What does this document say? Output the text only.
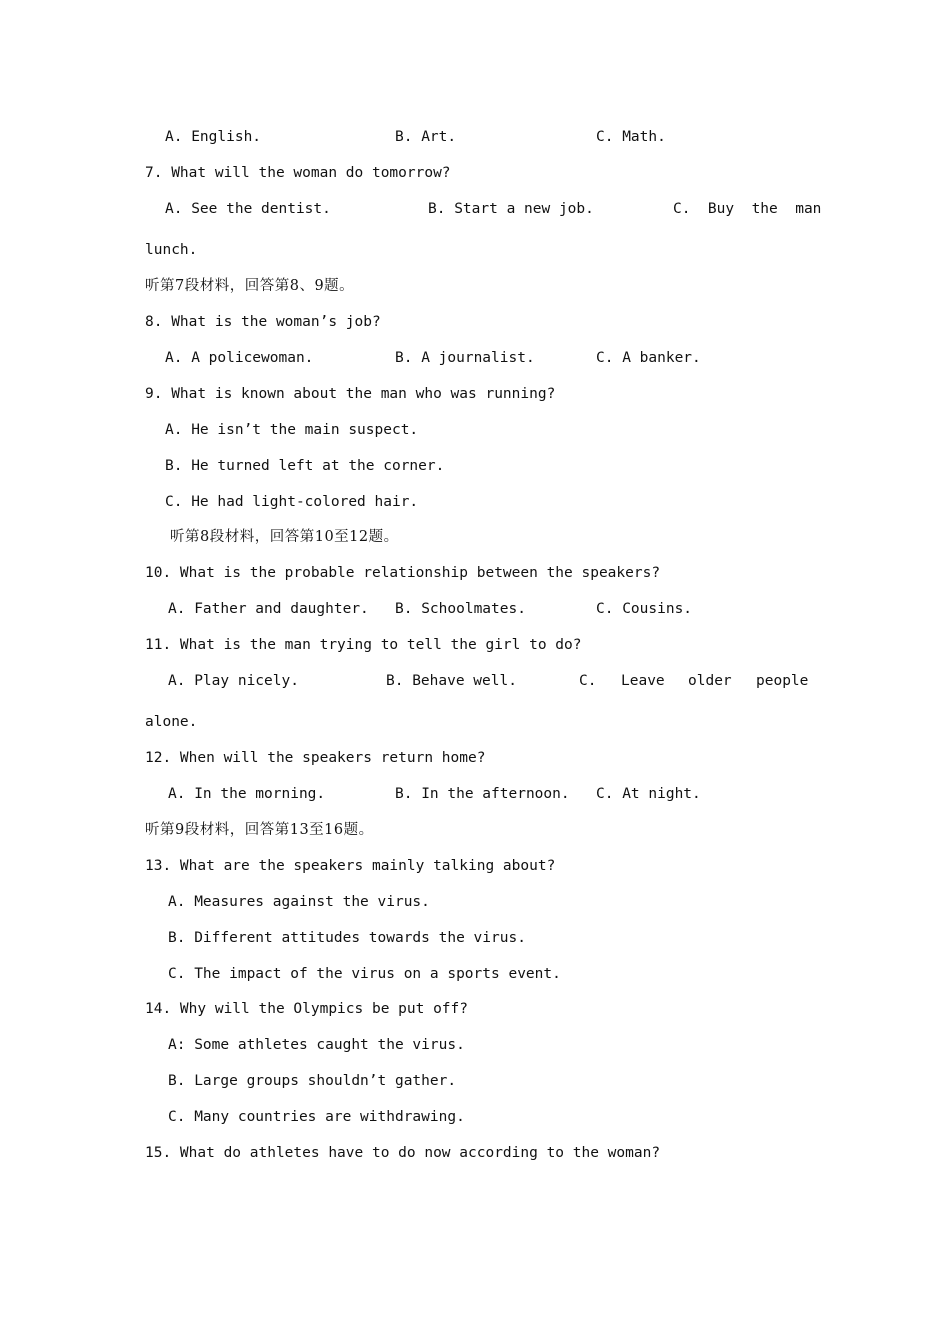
A. English.	B. Art.	C. Math.
7. What will the woman do tomorrow?
A. See the dentist.	B. Start a new job.	C.  Buy  the  man
lunch.
听第7段材料，回答第8、9题。
8. What is the woman’s job?
A. A policewoman.	B. A journalist.	C. A banker.
9. What is known about the man who was running?
A. He isn’t the main suspect.
B. He turned left at the corner.
C. He had light-colored hair.
听第8段材料，回答第10至12题。
10. What is the probable relationship between the speakers?
A. Father and daughter. B. Schoolmates.	C. Cousins.
11. What is the man trying to tell the girl to do?
A. Play nicely.	B. Behave well.	C. Leave older people
alone.
12. When will the speakers return home?
A. In the morning.	B. In the afternoon. C. At night.
听第9段材料，回答第13至16题。
13. What are the speakers mainly talking about?
A. Measures against the virus.
B. Different attitudes towards the virus.
C. The impact of the virus on a sports event.
14. Why will the Olympics be put off?
A: Some athletes caught the virus.
B. Large groups shouldn’t gather.
C. Many countries are withdrawing.
15. What do athletes have to do now according to the woman?
